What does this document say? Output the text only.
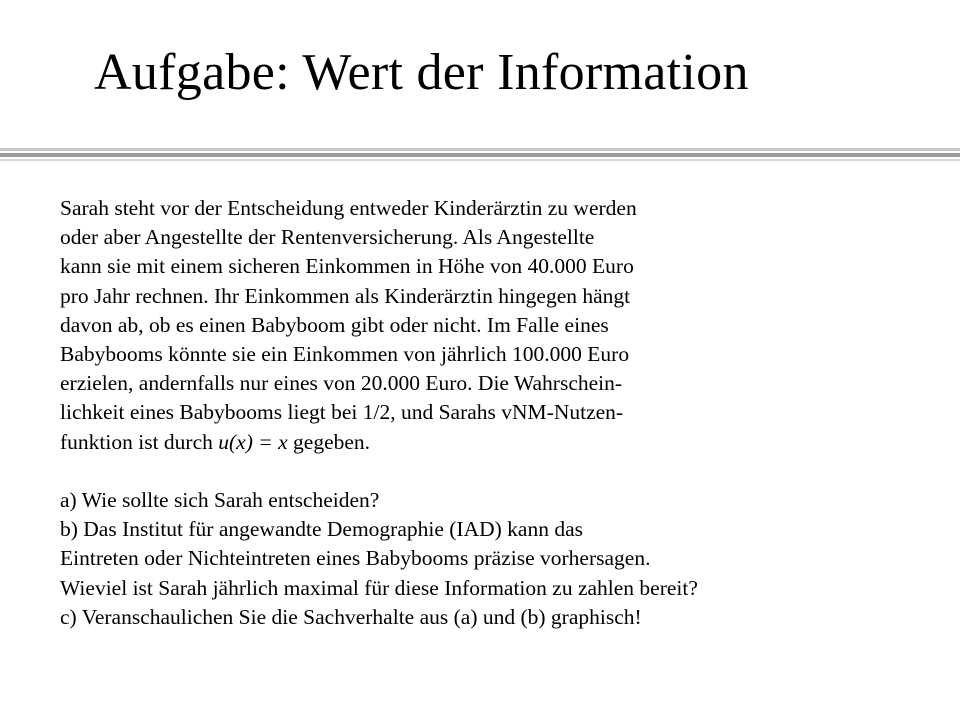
Aufgabe: Wert der Information
Sarah steht vor der Entscheidung entweder Kinderärztin zu werden
oder aber Angestellte der Rentenversicherung. Als Angestellte
kann sie mit einem sicheren Einkommen in Höhe von 40.000 Euro
pro Jahr rechnen. Ihr Einkommen als Kinderärztin hingegen hängt
davon ab, ob es einen Babyboom gibt oder nicht. Im Falle eines
Babybooms könnte sie ein Einkommen von jährlich 100.000 Euro
erzielen, andernfalls nur eines von 20.000 Euro. Die Wahrschein-
lichkeit eines Babybooms liegt bei 1/2, und Sarahs vNM-Nutzen-
funktion ist durch u(x) = x gegeben.
a) Wie sollte sich Sarah entscheiden?
b) Das Institut für angewandte Demographie (IAD) kann das
Eintreten oder Nichteintreten eines Babybooms präzise vorhersagen.
Wieviel ist Sarah jährlich maximal für diese Information zu zahlen bereit?
c) Veranschaulichen Sie die Sachverhalte aus (a) und (b) graphisch!
